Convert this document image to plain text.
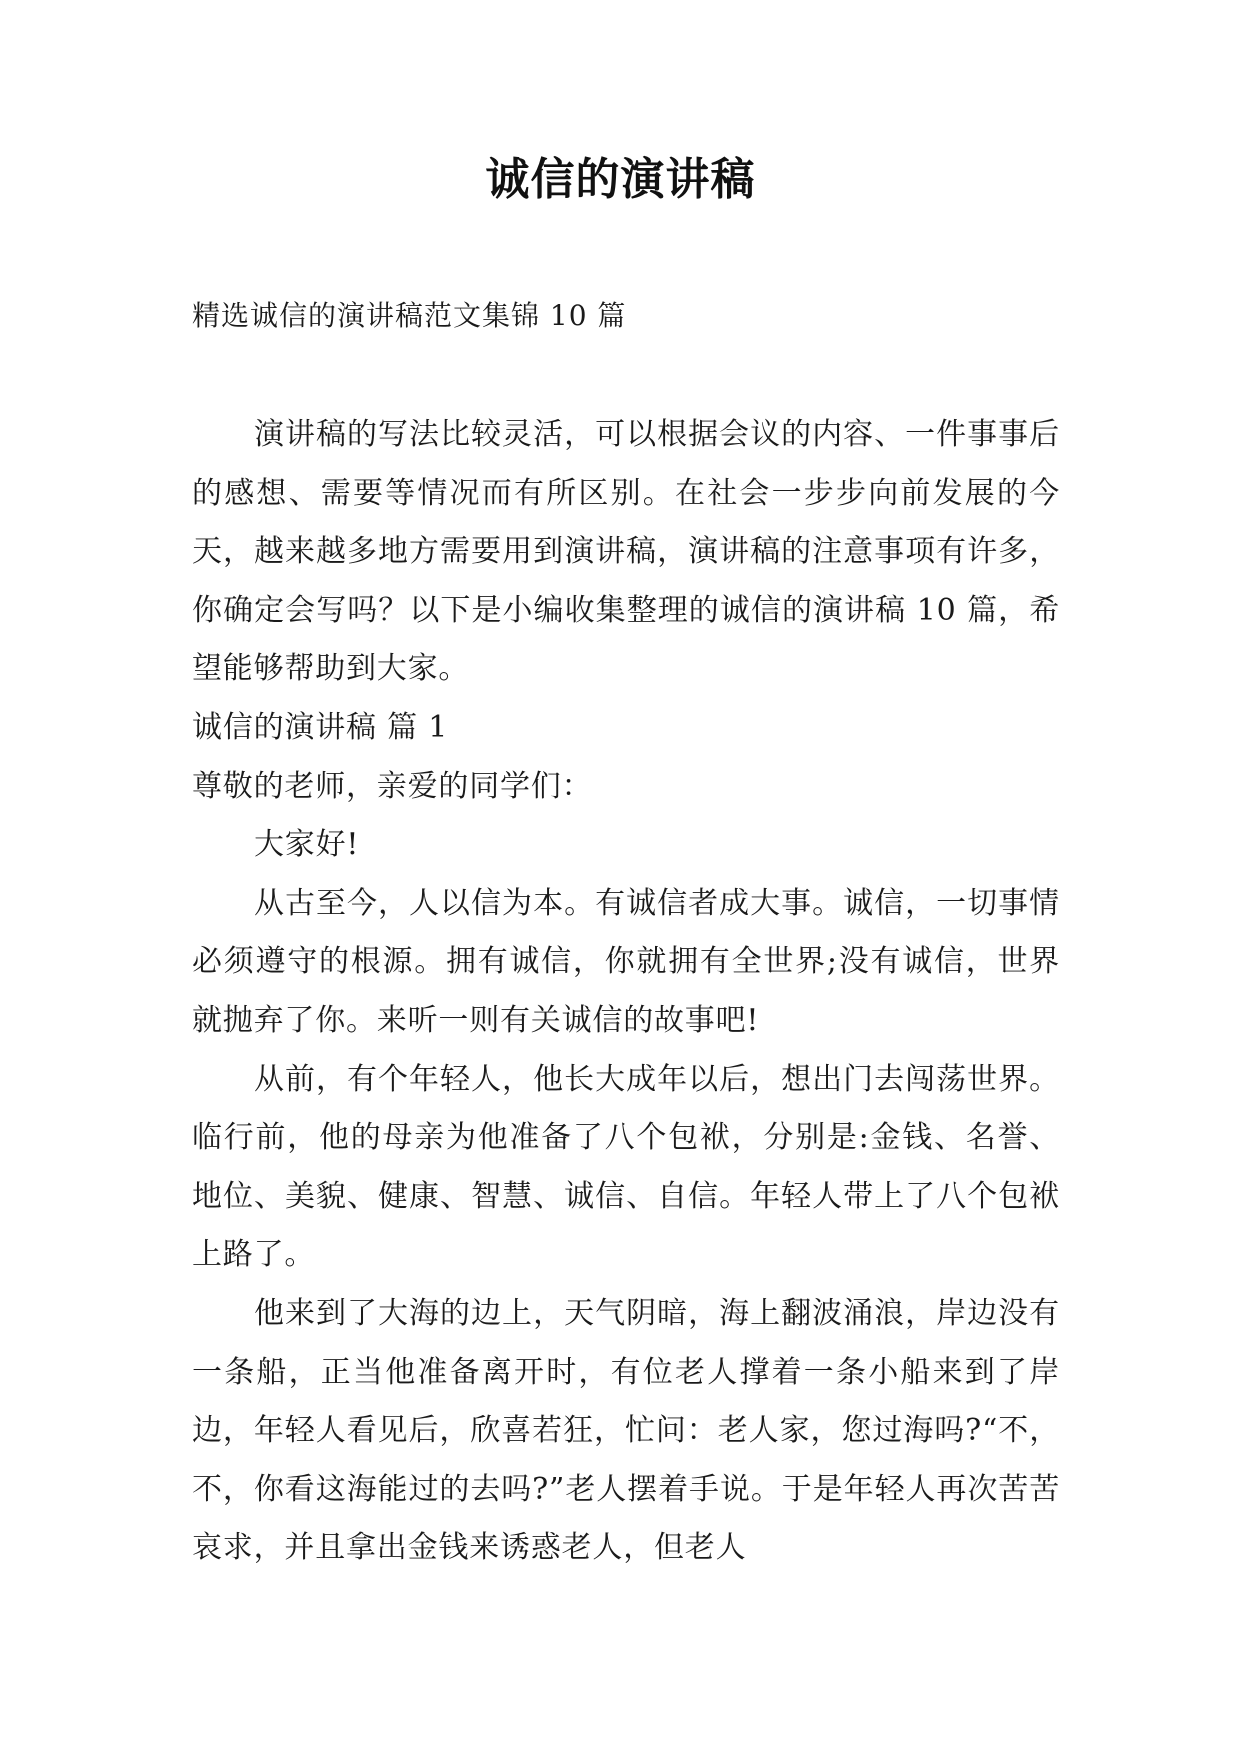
诚信的演讲稿
精选诚信的演讲稿范文集锦 10 篇

演讲稿的写法比较灵活，可以根据会议的内容、一件事事后的感想、需要等情况而有所区别。在社会一步步向前发展的今天，越来越多地方需要用到演讲稿，演讲稿的注意事项有许多，你确定会写吗？以下是小编收集整理的诚信的演讲稿 10 篇，希望能够帮助到大家。

诚信的演讲稿 篇 1

尊敬的老师，亲爱的同学们：

大家好!

从古至今，人以信为本。有诚信者成大事。诚信，一切事情必须遵守的根源。拥有诚信，你就拥有全世界;没有诚信，世界就抛弃了你。来听一则有关诚信的故事吧!

从前，有个年轻人，他长大成年以后，想出门去闯荡世界。临行前，他的母亲为他准备了八个包袱，分别是:金钱、名誉、地位、美貌、健康、智慧、诚信、自信。年轻人带上了八个包袱上路了。

他来到了大海的边上，天气阴暗，海上翻波涌浪，岸边没有一条船，正当他准备离开时，有位老人撑着一条小船来到了岸边，年轻人看见后，欣喜若狂，忙问：老人家，您过海吗?“不，不，你看这海能过的去吗?”老人摆着手说。于是年轻人再次苦苦哀求，并且拿出金钱来诱惑老人，但老人
